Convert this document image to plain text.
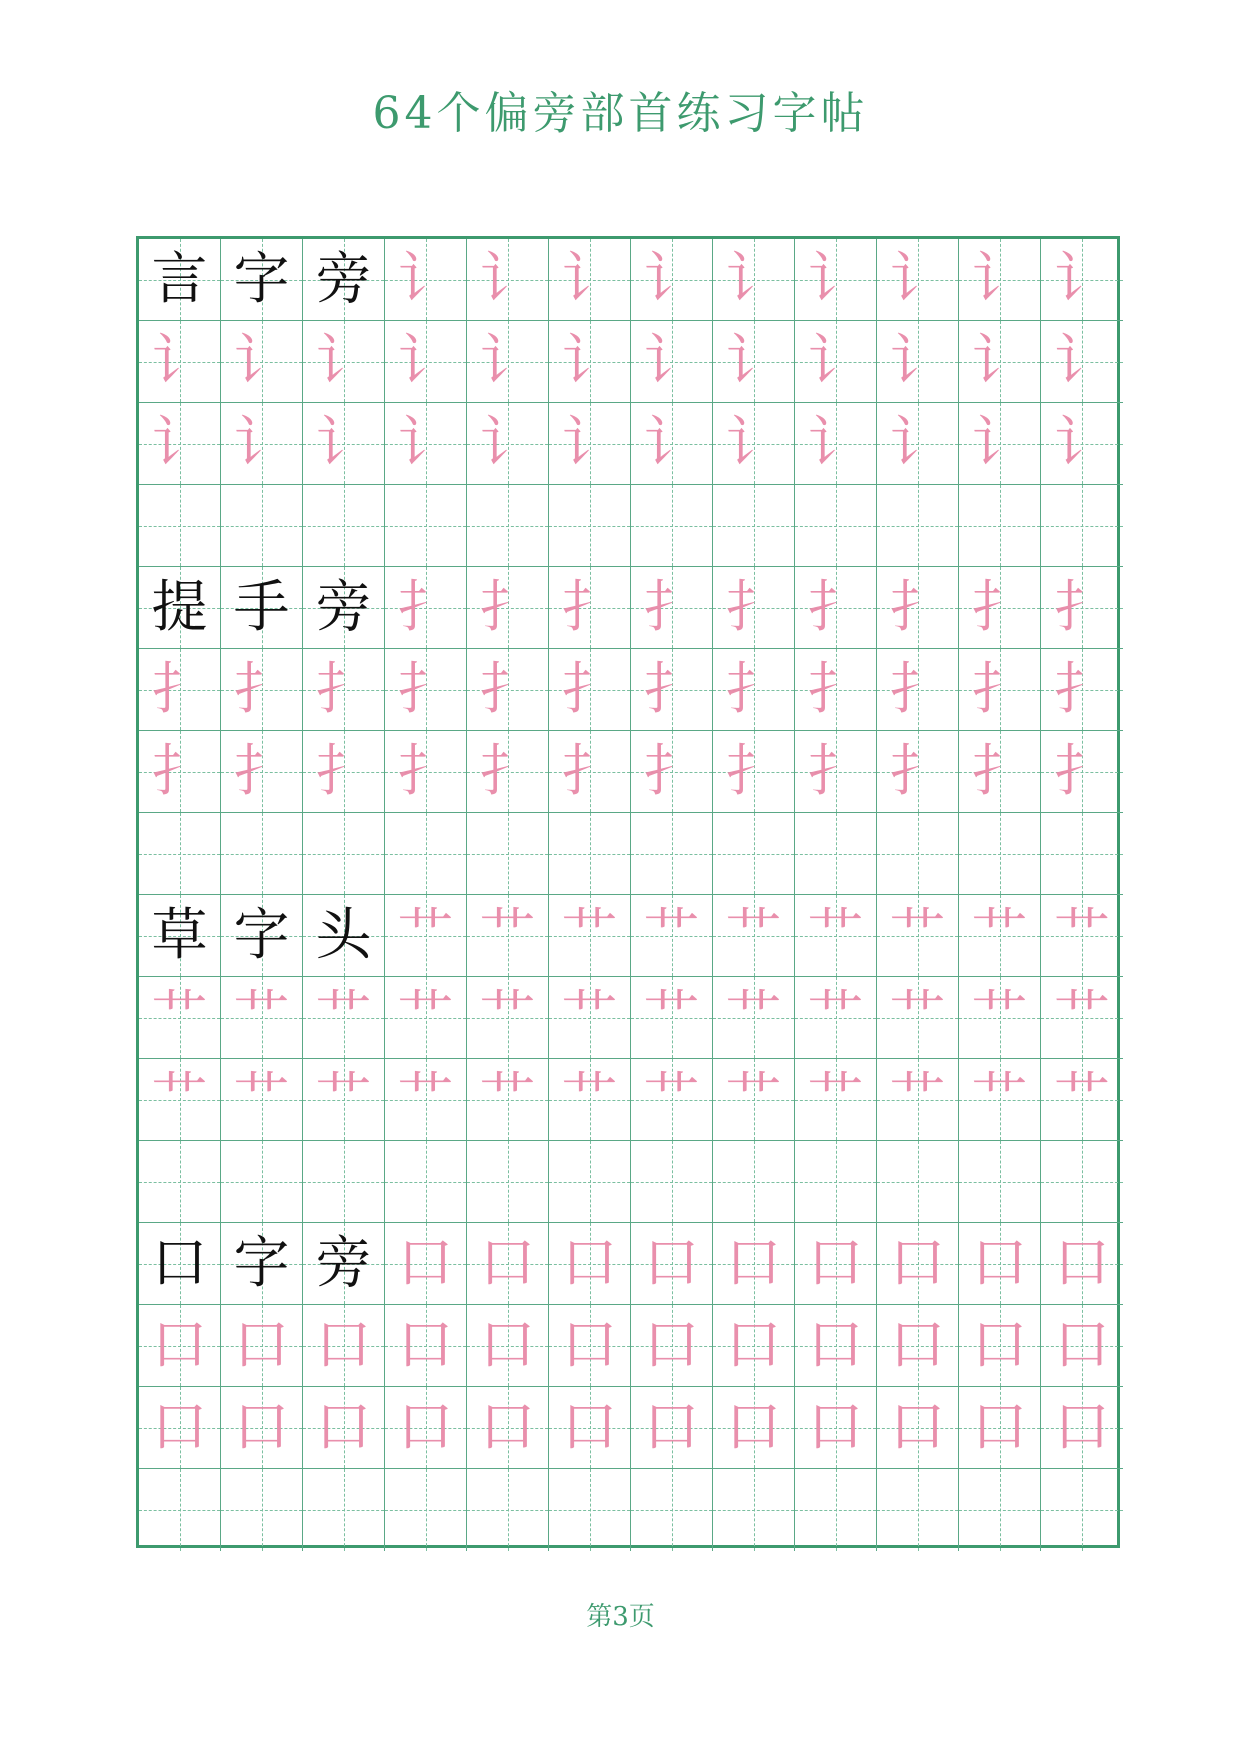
64个偏旁部首练习字帖
言 字 旁 讠 讠 讠 讠 讠 讠 讠 讠 讠
讠 讠 讠 讠 讠 讠 讠 讠 讠 讠 讠 讠
讠 讠 讠 讠 讠 讠 讠 讠 讠 讠 讠 讠
提 手 旁 扌 扌 扌 扌 扌 扌 扌 扌 扌
扌 扌 扌 扌 扌 扌 扌 扌 扌 扌 扌 扌
扌 扌 扌 扌 扌 扌 扌 扌 扌 扌 扌 扌
草 字 头 艹 艹 艹 艹 艹 艹 艹 艹 艹
艹 艹 艹 艹 艹 艹 艹 艹 艹 艹 艹 艹
艹 艹 艹 艹 艹 艹 艹 艹 艹 艹 艹 艹
口 字 旁 口 口 口 口 口 口 口 口 口
口 口 口 口 口 口 口 口 口 口 口 口
口 口 口 口 口 口 口 口 口 口 口 口
第3页
